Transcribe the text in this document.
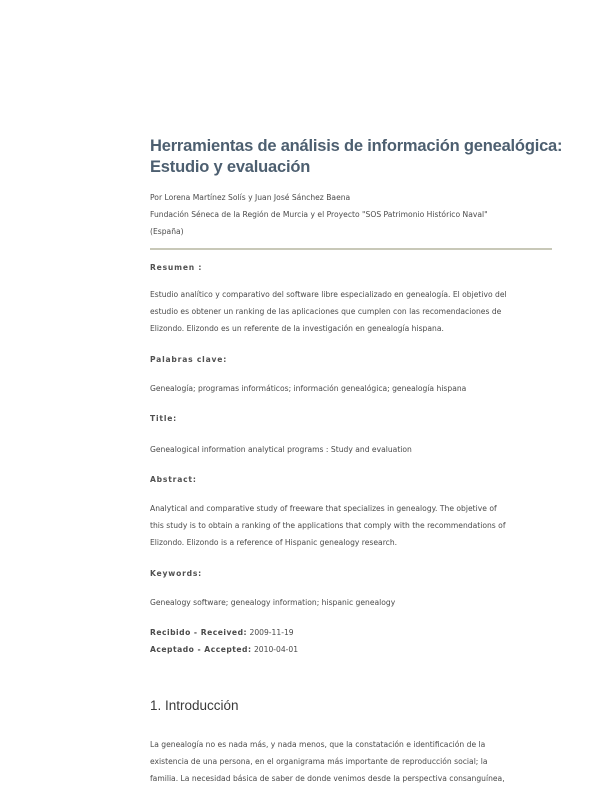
Herramientas de análisis de información genealógica:
Estudio y evaluación
Por Lorena Martínez Solís y Juan José Sánchez Baena
Fundación Séneca de la Región de Murcia y el Proyecto "SOS Patrimonio Histórico Naval"
(España)
Resumen :
Estudio analítico y comparativo del software libre especializado en genealogía. El objetivo del
estudio es obtener un ranking de las aplicaciones que cumplen con las recomendaciones de
Elizondo. Elizondo es un referente de la investigación en genealogía hispana.
Palabras clave:
Genealogía; programas informáticos; información genealógica; genealogía hispana
Title:
Genealogical information analytical programs : Study and evaluation
Abstract:
Analytical and comparative study of freeware that specializes in genealogy. The objetive of
this study is to obtain a ranking of the applications that comply with the recommendations of
Elizondo. Elizondo is a reference of Hispanic genealogy research.
Keywords:
Genealogy software; genealogy information; hispanic genealogy
Recibido - Received: 2009-11-19
Aceptado - Accepted: 2010-04-01
1. Introducción
La genealogía no es nada más, y nada menos, que la constatación e identificación de la
existencia de una persona, en el organigrama más importante de reproducción social; la
familia. La necesidad básica de saber de donde venimos desde la perspectiva consanguínea,
